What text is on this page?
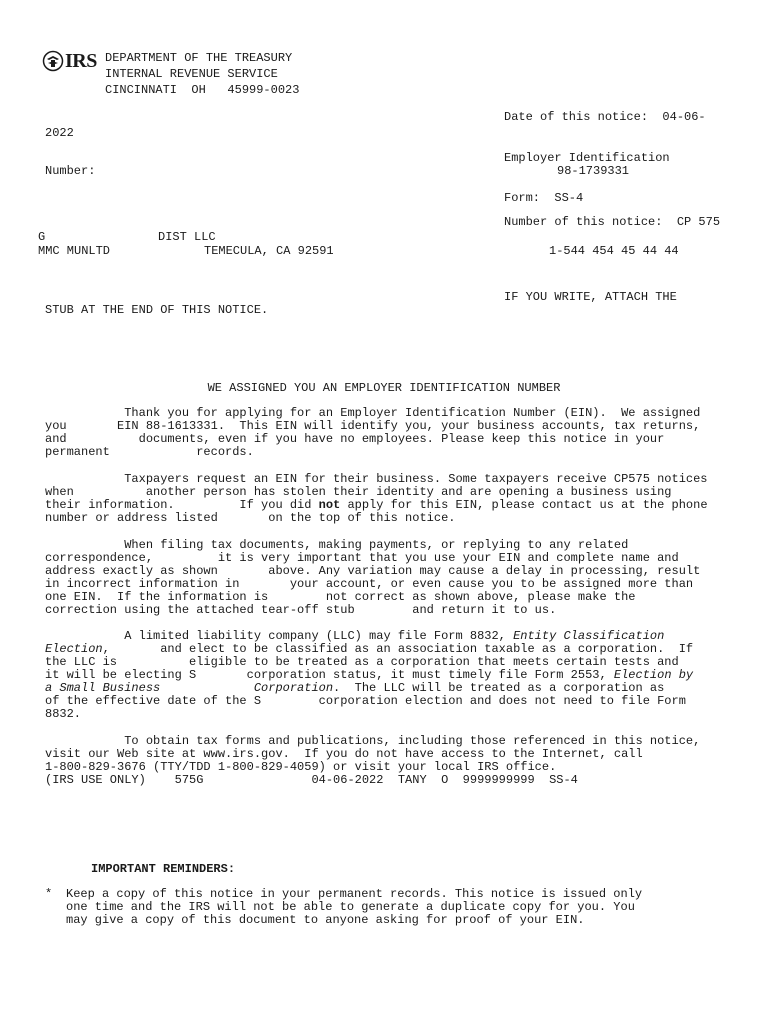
IRS DEPARTMENT OF THE TREASURY
INTERNAL REVENUE SERVICE
CINCINNATI  OH   45999-0023
Date of this notice:  04-06-
2022
Employer Identification
Number:	98-1739331
Form:  SS-4
Number of this notice:  CP 575
G	DIST LLC
MMC MUNLTD	TEMECULA, CA 92591	1-544 454 45 44 44
IF YOU WRITE, ATTACH THE
STUB AT THE END OF THIS NOTICE.
WE ASSIGNED YOU AN EMPLOYER IDENTIFICATION NUMBER
Thank you for applying for an Employer Identification Number (EIN).  We assigned
you       EIN 88-1613331.  This EIN will identify you, your business accounts, tax returns,
and          documents, even if you have no employees. Please keep this notice in your
permanent            records.
Taxpayers request an EIN for their business. Some taxpayers receive CP575 notices
when          another person has stolen their identity and are opening a business using
their information.         If you did not apply for this EIN, please contact us at the phone
number or address listed       on the top of this notice.
When filing tax documents, making payments, or replying to any related
correspondence,         it is very important that you use your EIN and complete name and
address exactly as shown       above. Any variation may cause a delay in processing, result
in incorrect information in       your account, or even cause you to be assigned more than
one EIN.  If the information is        not correct as shown above, please make the
correction using the attached tear-off stub        and return it to us.
A limited liability company (LLC) may file Form 8832, Entity Classification
Election,       and elect to be classified as an association taxable as a corporation.  If
the LLC is          eligible to be treated as a corporation that meets certain tests and
it will be electing S       corporation status, it must timely file Form 2553, Election by
a Small Business             Corporation.  The LLC will be treated as a corporation as
of the effective date of the S        corporation election and does not need to file Form
8832.
To obtain tax forms and publications, including those referenced in this notice,
visit our Web site at www.irs.gov.  If you do not have access to the Internet, call
1-800-829-3676 (TTY/TDD 1-800-829-4059) or visit your local IRS office.
(IRS USE ONLY)    575G               04-06-2022  TANY  O  9999999999  SS-4
IMPORTANT REMINDERS:
* Keep a copy of this notice in your permanent records. This notice is issued only
one time and the IRS will not be able to generate a duplicate copy for you. You
may give a copy of this document to anyone asking for proof of your EIN.
